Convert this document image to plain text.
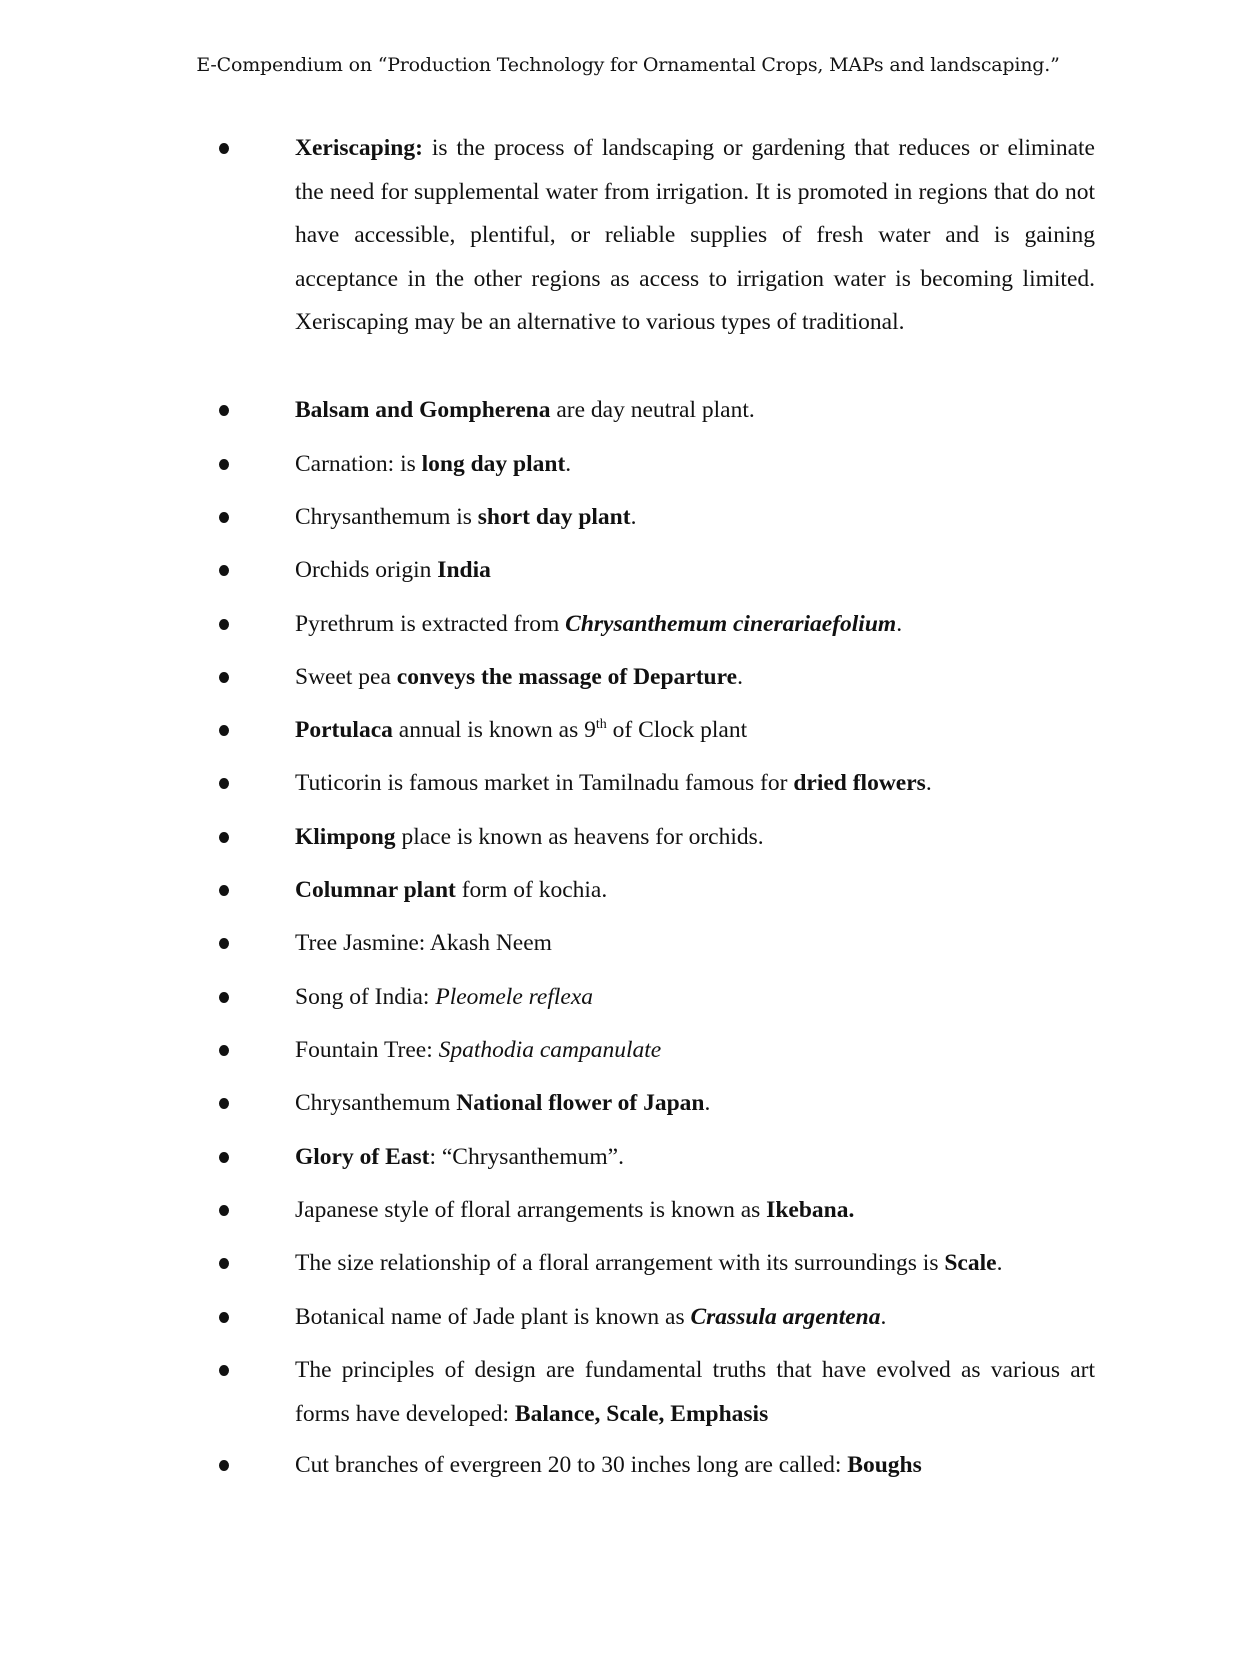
E-Compendium on “Production Technology for Ornamental Crops, MAPs and landscaping.”
Xeriscaping: is the process of landscaping or gardening that reduces or eliminate the need for supplemental water from irrigation. It is promoted in regions that do not have accessible, plentiful, or reliable supplies of fresh water and is gaining acceptance in the other regions as access to irrigation water is becoming limited. Xeriscaping may be an alternative to various types of traditional.
Balsam and Gompherena are day neutral plant.
Carnation: is long day plant.
Chrysanthemum is short day plant.
Orchids origin India
Pyrethrum is extracted from Chrysanthemum cinerariaefolium.
Sweet pea conveys the massage of Departure.
Portulaca annual is known as 9th of Clock plant
Tuticorin is famous market in Tamilnadu famous for dried flowers.
Klimpong place is known as heavens for orchids.
Columnar plant form of kochia.
Tree Jasmine: Akash Neem
Song of India: Pleomele reflexa
Fountain Tree: Spathodia campanulate
Chrysanthemum National flower of Japan.
Glory of East: “Chrysanthemum”.
Japanese style of floral arrangements is known as Ikebana.
The size relationship of a floral arrangement with its surroundings is Scale.
Botanical name of Jade plant is known as Crassula argentena.
The principles of design are fundamental truths that have evolved as various art forms have developed: Balance, Scale, Emphasis
Cut branches of evergreen 20 to 30 inches long are called: Boughs
